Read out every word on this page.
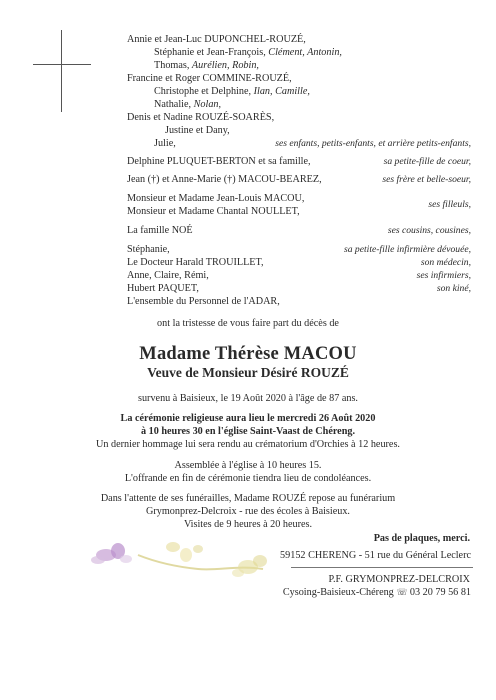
Annie et Jean-Luc DUPONCHEL-ROUZÉ,
Stéphanie et Jean-François, Clément, Antonin,
Thomas, Aurélien, Robin,
Francine et Roger COMMINE-ROUZÉ,
Christophe et Delphine, Ilan, Camille,
Nathalie, Nolan,
Denis et Nadine ROUZÉ-SOARÈS,
Justine et Dany,
Julie,
Delphine PLUQUET-BERTON et sa famille,
Jean (†) et Anne-Marie (†) MACOU-BEAREZ,
Monsieur et Madame Jean-Louis MACOU,
Monsieur et Madame Chantal NOULLET,
La famille NOÉ
Stéphanie,
Le Docteur Harald TROUILLET,
Anne, Claire, Rémi,
Hubert PAQUET,
L'ensemble du Personnel de l'ADAR,
ses enfants, petits-enfants, et arrière petits-enfants,
sa petite-fille de coeur,
ses frère et belle-soeur,
ses filleuls,
ses cousins, cousines,
sa petite-fille infirmière dévouée,
son médecin,
ses infirmiers,
son kiné,
ont la tristesse de vous faire part du décès de
Madame Thérèse MACOU
Veuve de Monsieur Désiré ROUZÉ
survenu à Baisieux, le 19 Août 2020 à l'âge de 87 ans.
La cérémonie religieuse aura lieu le mercredi 26 Août 2020
à 10 heures 30 en l'église Saint-Vaast de Chéreng.
Un dernier hommage lui sera rendu au crématorium d'Orchies à 12 heures.
Assemblée à l'église à 10 heures 15.
L'offrande en fin de cérémonie tiendra lieu de condoléances.
Dans l'attente de ses funérailles, Madame ROUZÉ repose au funérarium
Grymonprez-Delcroix - rue des écoles à Baisieux.
Visites de 9 heures à 20 heures.
Pas de plaques, merci.
59152 CHERENG - 51 rue du Général Leclerc
P.F. GRYMONPREZ-DELCROIX
Cysoing-Baisieux-Chéreng ☏ 03 20 79 56 81
